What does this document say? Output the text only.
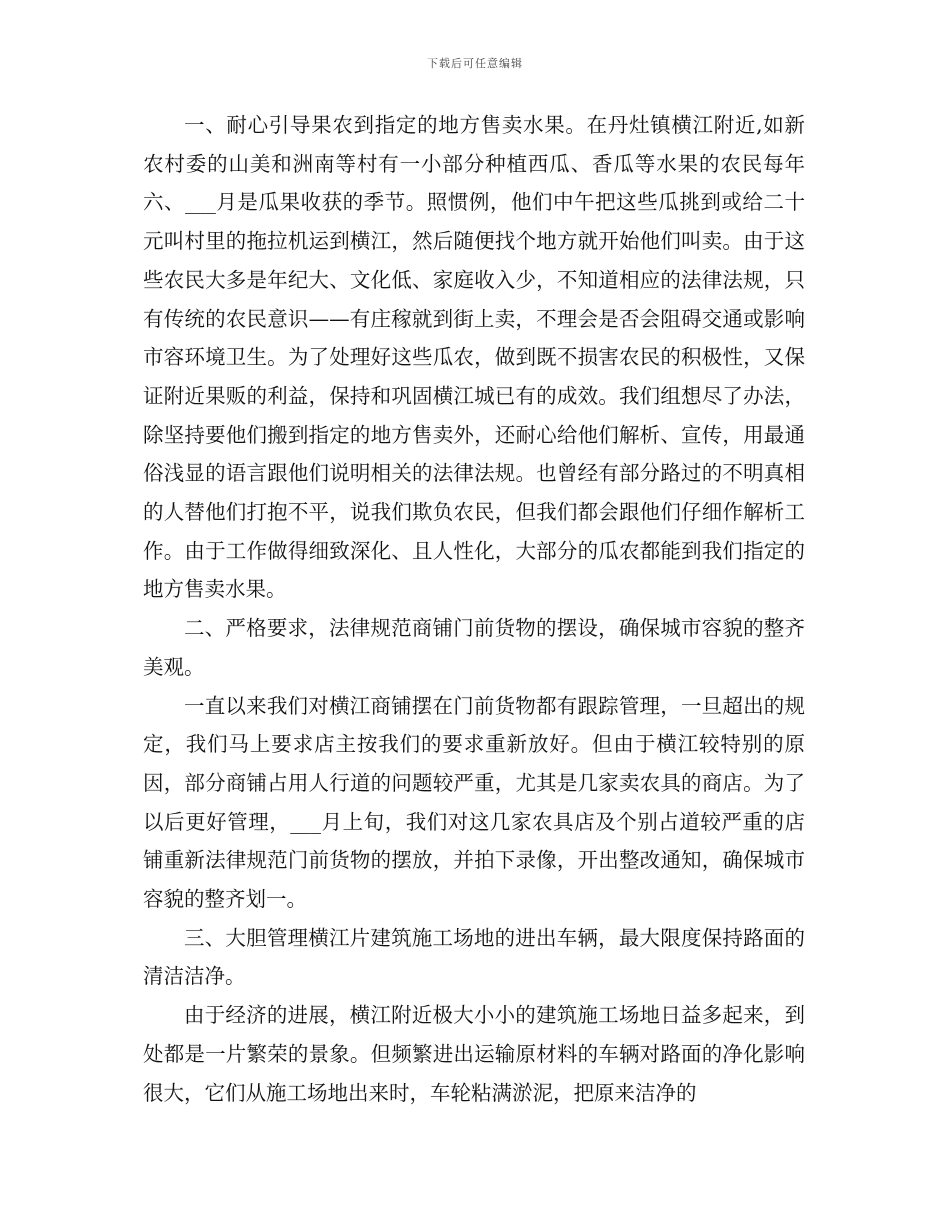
下载后可任意编辑

一、耐心引导果农到指定的地方售卖水果。在丹灶镇横江附近,如新农村委的山美和洲南等村有一小部分种植西瓜、香瓜等水果的农民每年六、___月是瓜果收获的季节。照惯例，他们中午把这些瓜挑到或给二十元叫村里的拖拉机运到横江，然后随便找个地方就开始他们叫卖。由于这些农民大多是年纪大、文化低、家庭收入少，不知道相应的法律法规，只有传统的农民意识——有庄稼就到街上卖，不理会是否会阻碍交通或影响市容环境卫生。为了处理好这些瓜农，做到既不损害农民的积极性，又保证附近果贩的利益，保持和巩固横江城已有的成效。我们组想尽了办法，除坚持要他们搬到指定的地方售卖外，还耐心给他们解析、宣传，用最通俗浅显的语言跟他们说明相关的法律法规。也曾经有部分路过的不明真相的人替他们打抱不平，说我们欺负农民，但我们都会跟他们仔细作解析工作。由于工作做得细致深化、且人性化，大部分的瓜农都能到我们指定的地方售卖水果。

二、严格要求，法律规范商铺门前货物的摆设，确保城市容貌的整齐美观。

一直以来我们对横江商铺摆在门前货物都有跟踪管理，一旦超出的规定，我们马上要求店主按我们的要求重新放好。但由于横江较特别的原因，部分商铺占用人行道的问题较严重，尤其是几家卖农具的商店。为了以后更好管理，___月上旬，我们对这几家农具店及个别占道较严重的店铺重新法律规范门前货物的摆放，并拍下录像，开出整改通知，确保城市容貌的整齐划一。

三、大胆管理横江片建筑施工场地的进出车辆，最大限度保持路面的清洁洁净。

由于经济的进展，横江附近极大小小的建筑施工场地日益多起来，到处都是一片繁荣的景象。但频繁进出运输原材料的车辆对路面的净化影响很大，它们从施工场地出来时，车轮粘满淤泥，把原来洁净的
